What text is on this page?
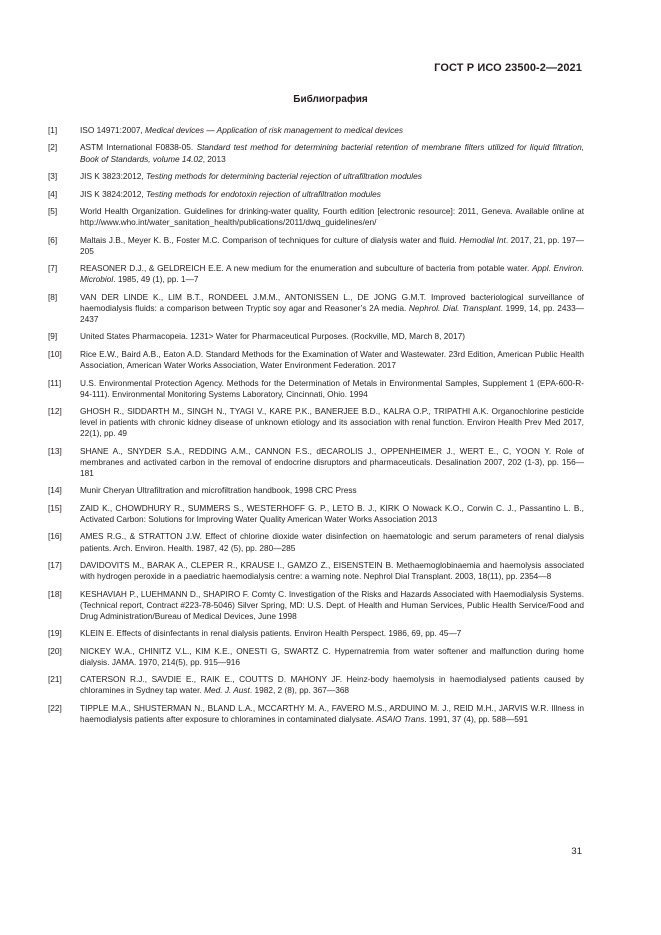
ГОСТ Р ИСО 23500-2—2021
Библиография
[1]	ISO 14971:2007, Medical devices — Application of risk management to medical devices
[2]	ASTM International F0838-05. Standard test method for determining bacterial retention of membrane filters utilized for liquid filtration, Book of Standards, volume 14.02, 2013
[3]	JIS K 3823:2012, Testing methods for determining bacterial rejection of ultrafiltration modules
[4]	JIS K 3824:2012, Testing methods for endotoxin rejection of ultrafiltration modules
[5]	World Health Organization. Guidelines for drinking-water quality, Fourth edition [electronic resource]: 2011, Geneva. Available online at http://www.who.int/water_sanitation_health/publications/2011/dwq_guidelines/en/
[6]	Maltais J.B., Meyer K. B., Foster M.C. Comparison of techniques for culture of dialysis water and fluid. Hemodial Int. 2017, 21, pp. 197—205
[7]	REASONER D.J., & GELDREICH E.E. A new medium for the enumeration and subculture of bacteria from potable water. Appl. Environ. Microbiol. 1985, 49 (1), pp. 1—7
[8]	VAN DER LINDE K., LIM B.T., RONDEEL J.M.M., ANTONISSEN L., DE JONG G.M.T. Improved bacteriological surveillance of haemodialysis fluids: a comparison between Tryptic soy agar and Reasoner’s 2A media. Nephrol. Dial. Transplant. 1999, 14, pp. 2433—2437
[9]	United States Pharmacopeia. 1231> Water for Pharmaceutical Purposes. (Rockville, MD, March 8, 2017)
[10]	Rice E.W., Baird A.B., Eaton A.D. Standard Methods for the Examination of Water and Wastewater. 23rd Edition, American Public Health Association, American Water Works Association, Water Environment Federation. 2017
[11]	U.S. Environmental Protection Agency. Methods for the Determination of Metals in Environmental Samples, Supplement 1 (EPA-600-R-94-111). Environmental Monitoring Systems Laboratory, Cincinnati, Ohio. 1994
[12]	GHOSH R., SIDDARTH M., SINGH N., TYAGI V., KARE P.K., BANERJEE B.D., KALRA O.P., TRIPATHI A.K. Organochlorine pesticide level in patients with chronic kidney disease of unknown etiology and its association with renal function. Environ Health Prev Med 2017, 22(1), pp. 49
[13]	SHANE A., SNYDER S.A., REDDING A.M., CANNON F.S., dECAROLIS J., OPPENHEIMER J., WERT E., C, YOON Y. Role of membranes and activated carbon in the removal of endocrine disruptors and pharmaceuticals. Desalination 2007, 202 (1-3), pp. 156—181
[14]	Munir Cheryan Ultrafiltration and microfiltration handbook, 1998 CRC Press
[15]	ZAID K., CHOWDHURY R., SUMMERS S., WESTERHOFF G. P., LETO B. J., KIRK O Nowack K.O., Corwin C. J., Passantino L. B., Activated Carbon: Solutions for Improving Water Quality American Water Works Association 2013
[16]	AMES R.G., & STRATTON J.W. Effect of chlorine dioxide water disinfection on haematologic and serum parameters of renal dialysis patients. Arch. Environ. Health. 1987, 42 (5), pp. 280—285
[17]	DAVIDOVITS M., BARAK A., CLEPER R., KRAUSE I., GAMZO Z., EISENSTEIN B. Methaemoglobinaemia and haemolysis associated with hydrogen peroxide in a paediatric haemodialysis centre: a warning note. Nephrol Dial Transplant. 2003, 18(11), pp. 2354—8
[18]	KESHAVIAH P., LUEHMANN D., SHAPIRO F. Comty C. Investigation of the Risks and Hazards Associated with Haemodialysis Systems. (Technical report, Contract #223-78-5046) Silver Spring, MD: U.S. Dept. of Health and Human Services, Public Health Service/Food and Drug Administration/Bureau of Medical Devices, June 1998
[19]	KLEIN E. Effects of disinfectants in renal dialysis patients. Environ Health Perspect. 1986, 69, pp. 45—7
[20]	NICKEY W.A., CHINITZ V.L., KIM K.E., ONESTI G, SWARTZ C. Hypernatremia from water softener and malfunction during home dialysis. JAMA. 1970, 214(5), pp. 915—916
[21]	CATERSON R.J., SAVDIE E., RAIK E., COUTTS D. MAHONY JF. Heinz-body haemolysis in haemodialysed patients caused by chloramines in Sydney tap water. Med. J. Aust. 1982, 2 (8), pp. 367—368
[22]	TIPPLE M.A., SHUSTERMAN N., BLAND L.A., MCCARTHY M. A., FAVERO M.S., ARDUINO M. J., REID M.H., JARVIS W.R. Illness in haemodialysis patients after exposure to chloramines in contaminated dialysate. ASAIO Trans. 1991, 37 (4), pp. 588—591
31
